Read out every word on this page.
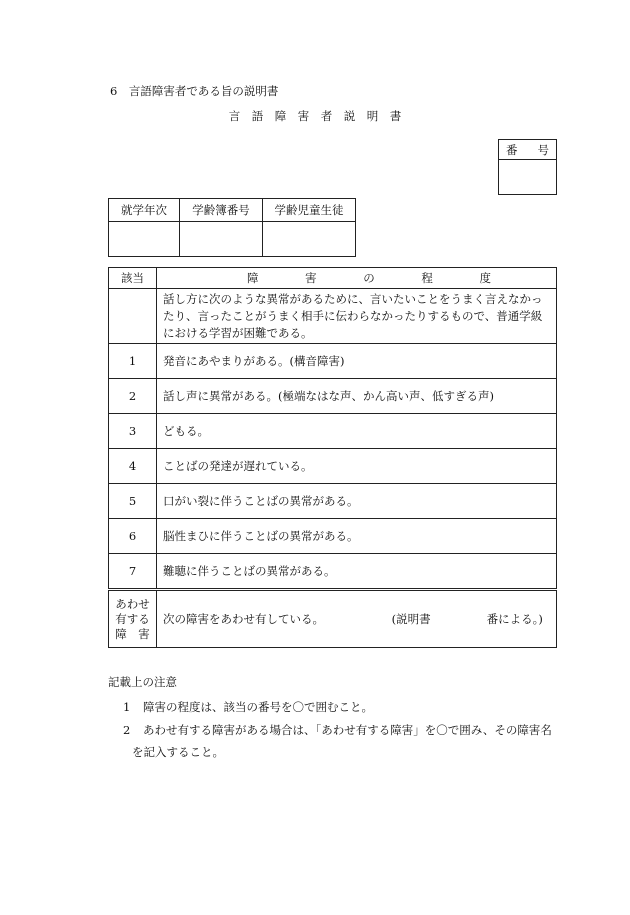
6　言語障害者である旨の説明書
言　語　障　害　者　説　明　書
番 号

就学年次	学齢簿番号	学齢児童生徒

該当	障 害 の 程 度

	話し方に次のような異常があるために、言いたいことをうまく言えなかったり、言ったことがうまく相手に伝わらなかったりするもので、普通学級における学習が困難である。
1	発音にあやまりがある。(構音障害)
2	話し声に異常がある。(極端なはな声、かん高い声、低すぎる声)
3	どもる。
4	ことばの発達が遅れている。
5	口がい裂に伴うことばの異常がある。
6	脳性まひに伴うことばの異常がある。
7	難聴に伴うことばの異常がある。

あわせ
有する
障　害	次の障害をあわせ有している。 (説明書 番による。)
記載上の注意
1 障害の程度は、該当の番号を〇で囲むこと。
2 あわせ有する障害がある場合は、「あわせ有する障害」を〇で囲み、その障害名
を記入すること。
